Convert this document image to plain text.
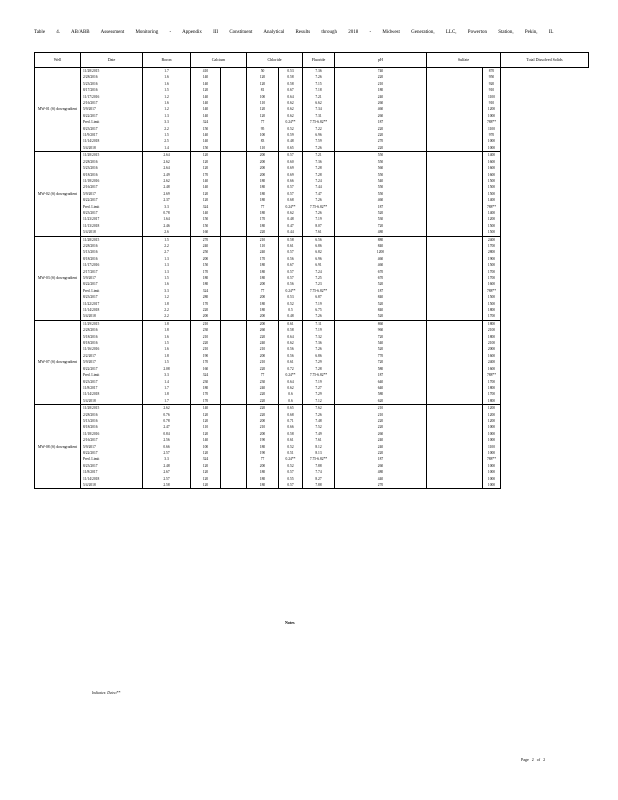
Table 4. AB/ABB Assessment Monitoring - Appendix III Constituent Analytical Results through 2018 - Midwest Generation, LLC, Powerton Station, Pekin, IL
Well	Date	Boron	Calcium		Chloride		Fluoride	pH	Sulfate		Total Dissolved Solids
MW-01 (S) downgradient	11/28/2015	1.7	410		50	0.53	7.36	740		870	
	2/28/2016	1.6	140		120	0.58	7.26	220		950	
	5/23/2016	1.6	140		120	0.58	7.15	210		920	
	8/17/2016	1.5	120		81	0.67	7.18	180		910	
	11/17/2016	1.2	140		100	0.64	7.21	240		1100	
	2/16/2017	1.6	140		110	0.62	6.62	260		910	
	5/9/2017	1.2	140		120	0.62	7.34	460		1200	
	8/22/2017	1.3	140		120	0.62	7.31	260		1000	
	Pred. Limit	3.3	324		77	0.24**	7.75-6.82**	187		788**	
	8/23/2017	2.2	150		95	0.52	7.22	220		1100	
	11/9/2017	1.5	140		100	0.59	6.96	220		970	
	11/14/2018	2.5	140		83	0.48	7.59	270		1000	
	5/4/2018	1.4	150		110	0.65	7.26	220		1000	
MW-02 (S) downgradient	11/28/2015	2.64	120		200	0.57	7.21	550		1400	
	2/28/2016	2.62	120		200	0.60	7.36	550		1600	
	5/23/2016	2.64	120		200	0.69	7.28	560		1600	
	8/18/2016	2.49	170		200	0.69	7.28	550		1600	
	11/18/2016	2.62	140		180	0.66	7.24	540		1500	
	2/16/2017	2.48	140		180	0.57	7.44	550		1500	
	5/9/2017	2.69	120		180	0.57	7.47	550		1500	
	8/22/2017	2.37	120		180	0.68	7.26	460		1400	
	Pred. Limit	3.3	324		77	0.24**	7.75-6.82**	187		788**	
	8/23/2017	0.78	140		180	0.62	7.26	520		1400	
	11/23/2017	1.64	150		170	0.48	7.19	530		1200	
	11/13/2018	2.46	150		180	0.47	8.07	720		1500	
	5/4/2018	2.6	160		220	0.44	7.61	480		1500	
MW-03 (S) downgradient	11/28/2015	1.5	270		210	0.58	6.56	880		2400	
	2/28/2016	2.2	240		110	0.61	6.86	840		1700	
	5/13/2016	2.7	250		240	0.57	6.82	1200		2800	
	8/18/2016	1.3	200		170	0.56	6.96	460		1900	
	11/17/2016	1.3	150		180	0.67	6.91	460		1500	
	2/17/2017	1.3	170		180	0.57	7.24	670		1700	
	5/9/2017	1.5	180		180	0.57	7.25	670		1700	
	8/22/2017	1.6	180		200	0.56	7.23	520		1600	
	Pred. Limit	3.3	324		77	0.24**	7.75-6.82**	187		788**	
	8/23/2017	1.2	280		200	0.53	6.87	840		1500	
	11/22/2017	1.8	170		180	0.52	7.19	520		1500	
	11/14/2018	2.2	220		180	0.5	6.75	840		1800	
	5/4/2018	2.2	200		200	0.48	7.26	520		1700	
MW-07 (S) downgradient	11/29/2015	1.8	210		200	0.61	7.11	860		1800	
	2/28/2016	1.8	230		260	0.58	7.19	960		2100	
	5/18/2016	1.6	210		220	0.64	7.32	720		1800	
	8/18/2016	1.5	220		240	0.62	7.36	540		2100	
	11/16/2016	1.6	210		210	0.56	7.26	520		2000	
	2/2/2017	1.8	190		200	0.56	6.86	770		1600	
	5/9/2017	1.5	170		210	0.61	7.29	720		2400	
	8/22/2017	2.08	160		220	0.72	7.28	580		1600	
	Pred. Limit	3.3	324		77	0.24**	7.75-6.82**	187		788**	
	8/23/2017	1.4	230		230	0.64	7.19	640		1700	
	11/8/2017	1.7	180		240	0.62	7.27	640		1800	
	11/14/2018	1.8	170		220	0.6	7.29	580		1700	
	5/4/2018	1.7	170		220	0.6	7.12	620		1800	
MW-08 (S) downgradient	11/28/2015	2.62	140		220	0.65	7.62	210		1200	
	2/28/2016	0.76	120		220	0.68	7.26	210		1200	
	5/13/2016	0.78	120		200	0.71	7.48	220		1200	
	8/18/2016	2.47	110		210	0.66	7.52	220		1000	
	11/18/2016	0.84	120		200	0.58	7.49	260		1000	
	2/16/2017	2.56	140		190	0.61	7.61	240		1000	
	5/9/2017	0.66	100		180	0.52	8.12	240		1100	
	8/22/2017	2.57	120		190	0.51	8.13	220		1000	
	Pred. Limit	3.3	324		77	0.24**	7.75-6.82**	187		788**	
	8/23/2017	2.48	120		200	0.52	7.88	260		1000	
	11/8/2017	2.67	120		180	0.57	7.74	480		1000	
	11/14/2018	2.57	120		180	0.55	8.27	440		1000	
	5/4/2018	2.58	120		180	0.57	7.88	270		1000	
Notes
Indicates: Detect**
Page 2 of 2
